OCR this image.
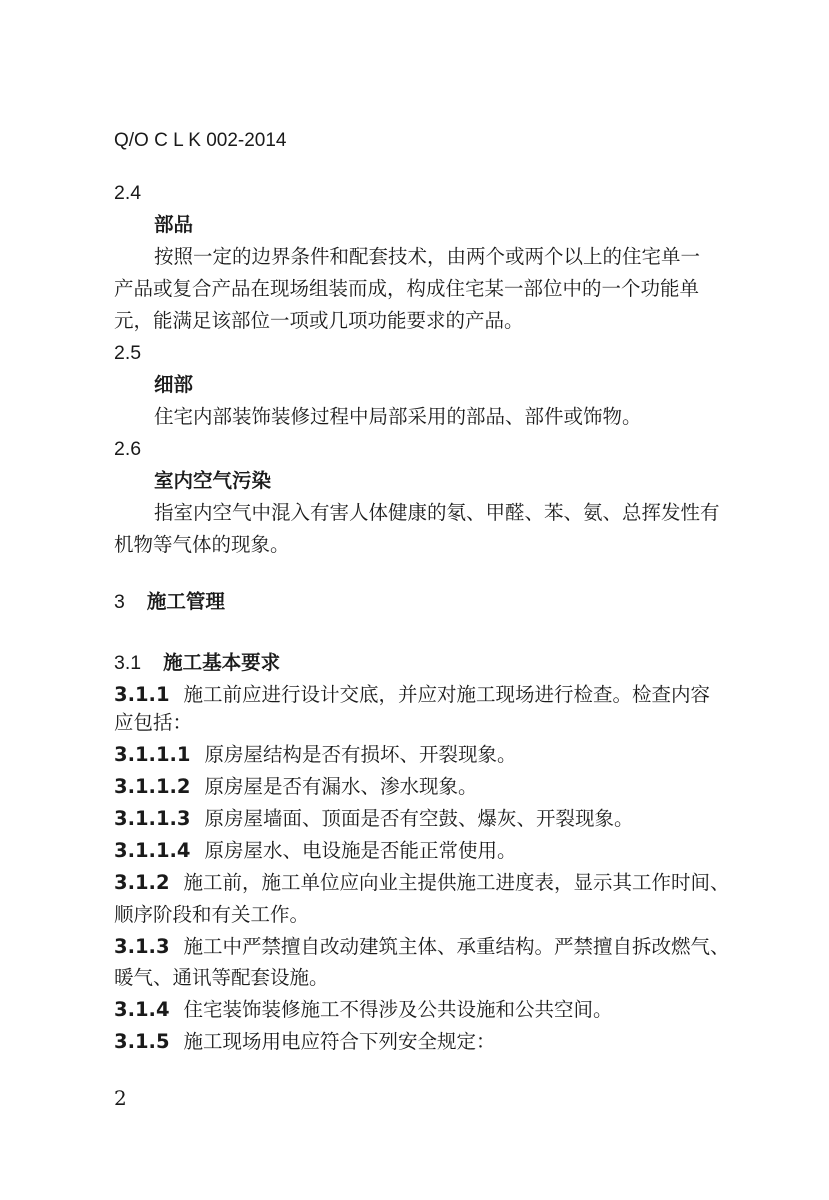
Q/O C L K 002-2014
2.4
部品
按照一定的边界条件和配套技术，由两个或两个以上的住宅单一
产品或复合产品在现场组装而成，构成住宅某一部位中的一个功能单
元，能满足该部位一项或几项功能要求的产品。
2.5
细部
住宅内部装饰装修过程中局部采用的部品、部件或饰物。
2.6
室内空气污染
指室内空气中混入有害人体健康的氡、甲醛、苯、氨、总挥发性有
机物等气体的现象。
3 施工管理
3.1 施工基本要求
3.1.1 施工前应进行设计交底，并应对施工现场进行检查。检查内容
应包括：
3.1.1.1 原房屋结构是否有损坏、开裂现象。
3.1.1.2 原房屋是否有漏水、渗水现象。
3.1.1.3 原房屋墙面、顶面是否有空鼓、爆灰、开裂现象。
3.1.1.4 原房屋水、电设施是否能正常使用。
3.1.2 施工前，施工单位应向业主提供施工进度表，显示其工作时间、
顺序阶段和有关工作。
3.1.3 施工中严禁擅自改动建筑主体、承重结构。严禁擅自拆改燃气、
暖气、通讯等配套设施。
3.1.4 住宅装饰装修施工不得涉及公共设施和公共空间。
3.1.5 施工现场用电应符合下列安全规定：
2
